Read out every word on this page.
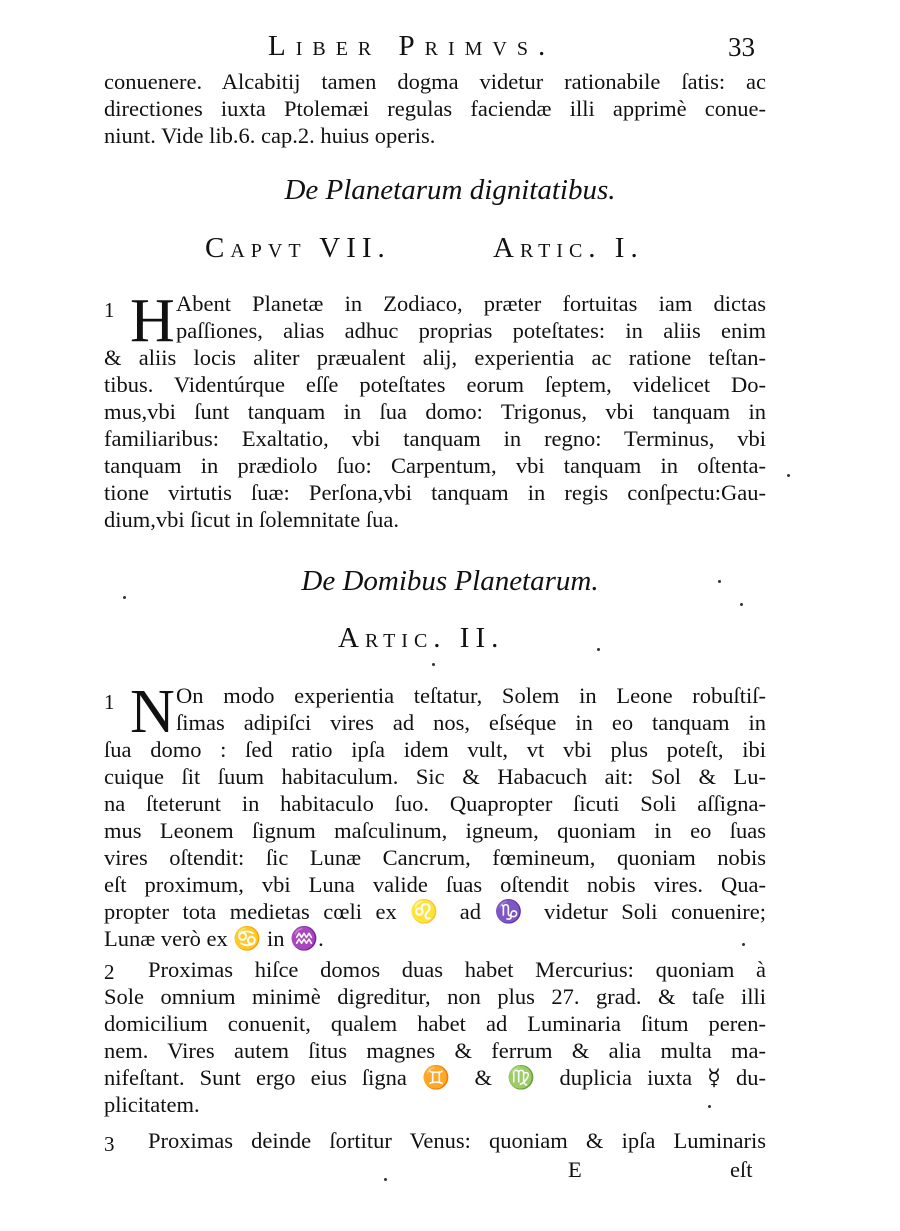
Liber Primvs.	33
conuenere. Alcabitij tamen dogma videtur rationabile ſatis: ac
directiones iuxta Ptolemæi regulas faciendæ illi apprimè conue-
niunt. Vide lib.6. cap.2. huius operis.
De Planetarum dignitatibus.
Capvt VII.	Artic. I.
1 H Abent Planetæ in Zodiaco, præter fortuitas iam dictas
paſſiones, alias adhuc proprias poteſtates: in aliis enim
& aliis locis aliter præualent alij, experientia ac ratione teſtan-
tibus. Videntúrque eſſe poteſtates eorum ſeptem, videlicet Do-
mus,vbi ſunt tanquam in ſua domo: Trigonus, vbi tanquam in
familiaribus: Exaltatio, vbi tanquam in regno: Terminus, vbi
tanquam in prædiolo ſuo: Carpentum, vbi tanquam in oſtenta-
tione virtutis ſuæ: Perſona,vbi tanquam in regis conſpectu:Gau-
dium,vbi ſicut in ſolemnitate ſua.
De Domibus Planetarum.
Artic. II.
1 N On modo experientia teſtatur, Solem in Leone robuſtiſ-
ſimas adipiſci vires ad nos, eſséque in eo tanquam in
ſua domo : ſed ratio ipſa idem vult, vt vbi plus poteſt, ibi
cuique ſit ſuum habitaculum. Sic & Habacuch ait: Sol & Lu-
na ſteterunt in habitaculo ſuo. Quapropter ſicuti Soli aſſigna-
mus Leonem ſignum maſculinum, igneum, quoniam in eo ſuas
vires oſtendit: ſic Lunæ Cancrum, fœmineum, quoniam nobis
eſt proximum, vbi Luna valide ſuas oſtendit nobis vires. Qua-
propter tota medietas cœli ex ♌ ad ♑ videtur Soli conuenire;
Lunæ verò ex ♋ in ♒.
2 Proximas hiſce domos duas habet Mercurius: quoniam à
Sole omnium minimè digreditur, non plus 27. grad. & taſe illi
domicilium conuenit, qualem habet ad Luminaria ſitum peren-
nem. Vires autem ſitus magnes & ferrum & alia multa ma-
nifeſtant. Sunt ergo eius ſigna ♊ & ♍ duplicia iuxta ☿ du-
plicitatem.
3 Proximas deinde ſortitur Venus: quoniam & ipſa Luminaris
E	eſt
